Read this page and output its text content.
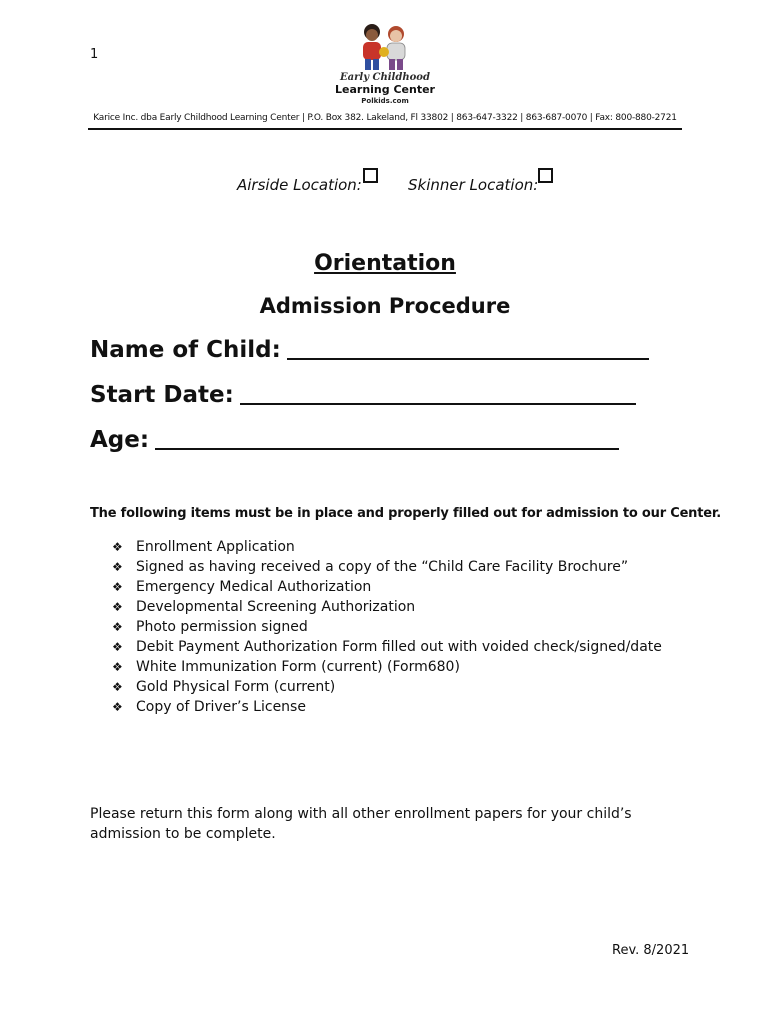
1
Early Childhood
Learning Center
Polkids.com
Karice Inc. dba Early Childhood Learning Center | P.O. Box 382. Lakeland, Fl 33802 | 863-647-3322 | 863-687-0070 | Fax: 800-880-2721
Airside Location:	Skinner Location:
Orientation
Admission Procedure
Name of Child:
Start Date:
Age:
The following items must be in place and properly filled out for admission to our Center.
❖ Enrollment Application
❖ Signed as having received a copy of the “Child Care Facility Brochure”
❖ Emergency Medical Authorization
❖ Developmental Screening Authorization
❖ Photo permission signed
❖ Debit Payment Authorization Form filled out with voided check/signed/date
❖ White Immunization Form (current) (Form680)
❖ Gold Physical Form (current)
❖ Copy of Driver’s License
Please return this form along with all other enrollment papers for your child’s admission to be complete.
Rev. 8/2021
